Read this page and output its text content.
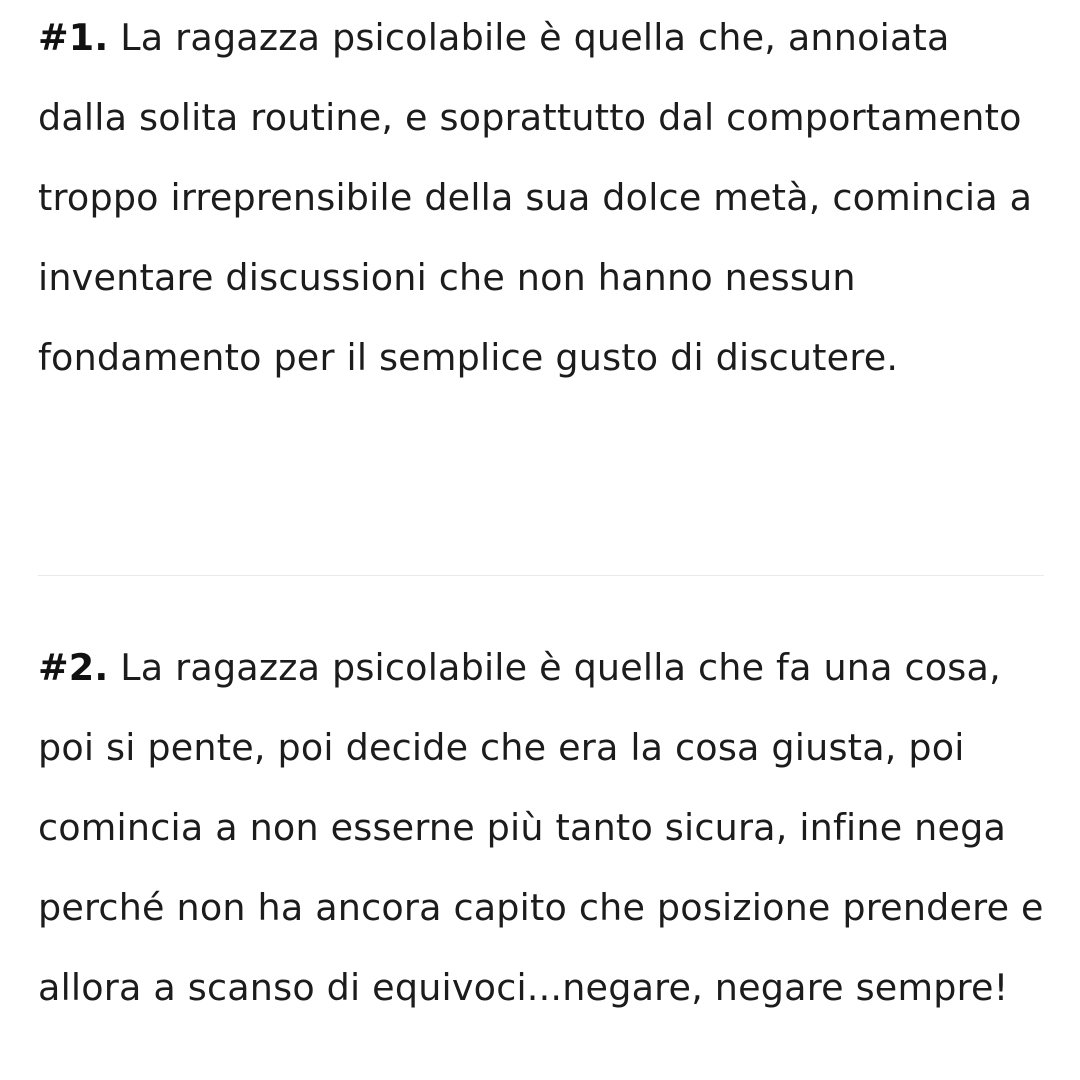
#1. La ragazza psicolabile è quella che, annoiata dalla solita routine, e soprattutto dal comportamento troppo irreprensibile della sua dolce metà, comincia a inventare discussioni che non hanno nessun fondamento per il semplice gusto di discutere.

#2. La ragazza psicolabile è quella che fa una cosa, poi si pente, poi decide che era la cosa giusta, poi comincia a non esserne più tanto sicura, infine nega perché non ha ancora capito che posizione prendere e allora a scanso di equivoci...negare, negare sempre!
